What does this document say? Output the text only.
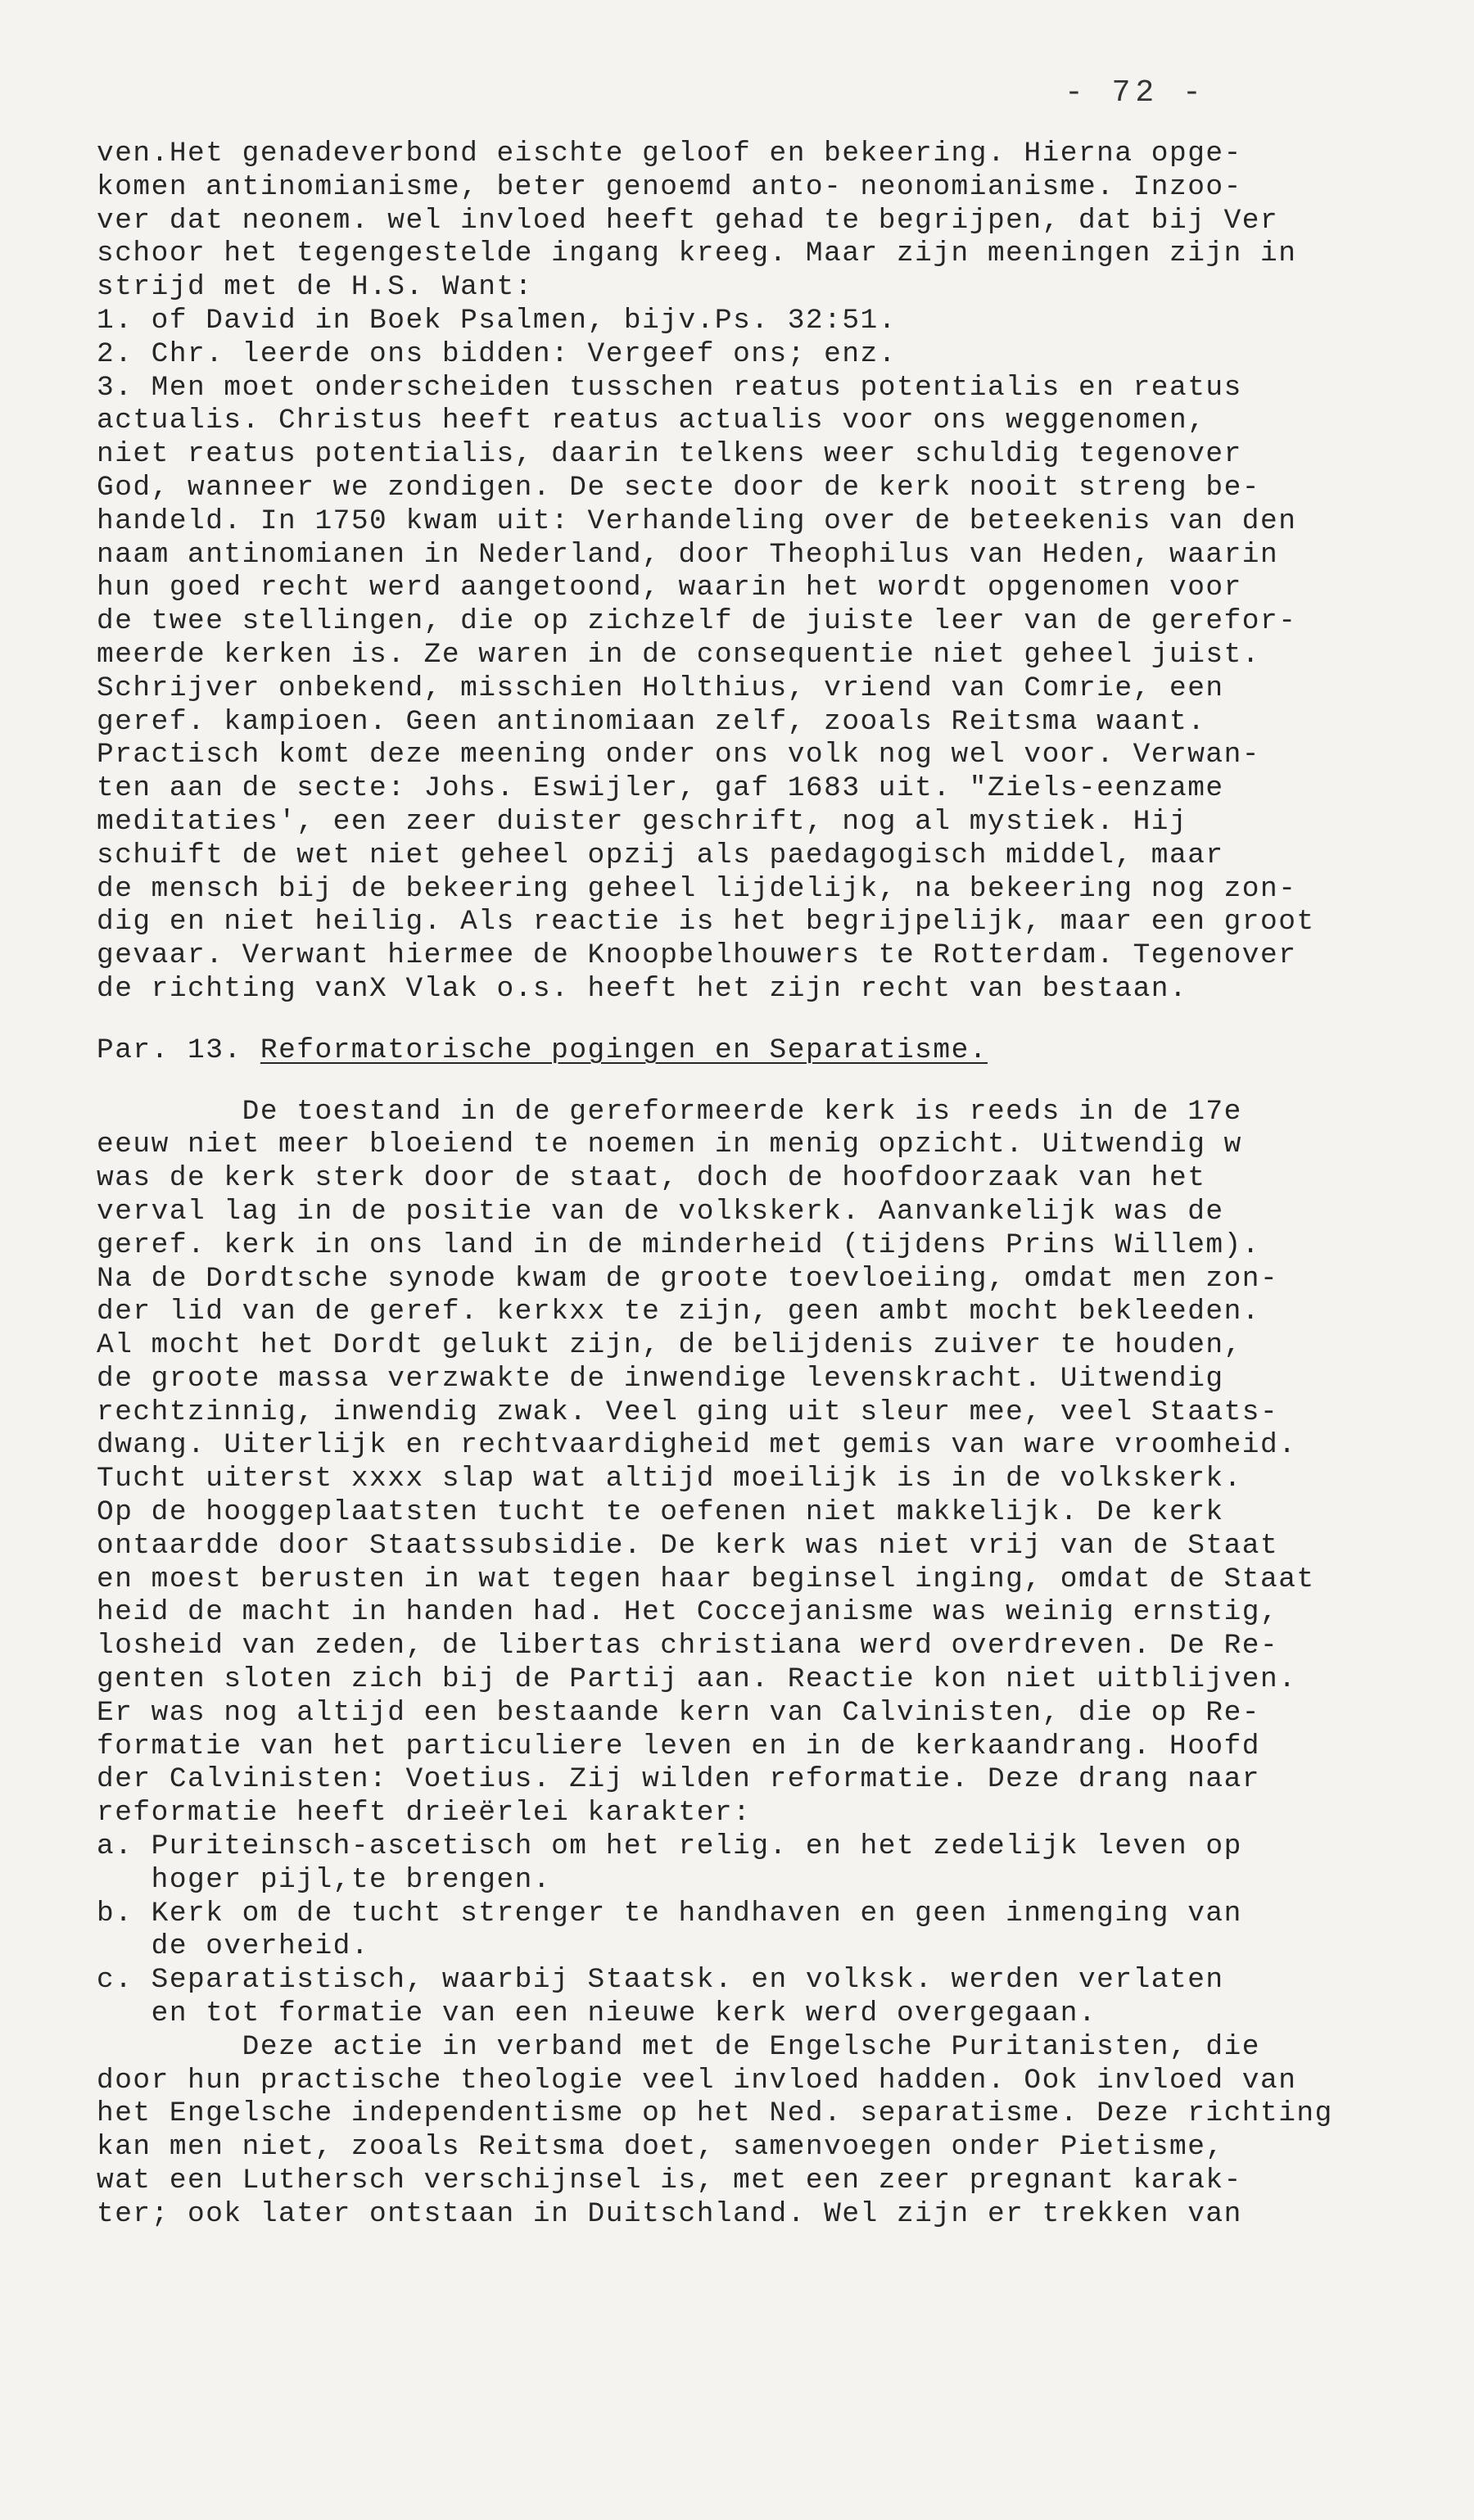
- 72 -
ven.Het genadeverbond eischte geloof en bekeering. Hierna opge-
komen antinomianisme, beter genoemd anto- neonomianisme. Inzoo-
ver dat neonem. wel invloed heeft gehad te begrijpen, dat bij Ver
schoor het tegengestelde ingang kreeg. Maar zijn meeningen zijn in
strijd met de H.S. Want:
1. of David in Boek Psalmen, bijv.Ps. 32:51.
2. Chr. leerde ons bidden: Vergeef ons; enz.
3. Men moet onderscheiden tusschen reatus potentialis en reatus
actualis. Christus heeft reatus actualis voor ons weggenomen,
niet reatus potentialis, daarin telkens weer schuldig tegenover
God, wanneer we zondigen. De secte door de kerk nooit streng be-
handeld. In 1750 kwam uit: Verhandeling over de beteekenis van den
naam antinomianen in Nederland, door Theophilus van Heden, waarin
hun goed recht werd aangetoond, waarin het wordt opgenomen voor
de twee stellingen, die op zichzelf de juiste leer van de gerefor-
meerde kerken is. Ze waren in de consequentie niet geheel juist.
Schrijver onbekend, misschien Holthius, vriend van Comrie, een
geref. kampioen. Geen antinomiaan zelf, zooals Reitsma waant.
Practisch komt deze meening onder ons volk nog wel voor. Verwan-
ten aan de secte: Johs. Eswijler, gaf 1683 uit. "Ziels-eenzame
meditaties', een zeer duister geschrift, nog al mystiek. Hij
schuift de wet niet geheel opzij als paedagogisch middel, maar
de mensch bij de bekeering geheel lijdelijk, na bekeering nog zon-
dig en niet heilig. Als reactie is het begrijpelijk, maar een groot
gevaar. Verwant hiermee de Knoopbelhouwers te Rotterdam. Tegenover
de richting vanX Vlak o.s. heeft het zijn recht van bestaan.
Par. 13. Reformatorische pogingen en Separatisme.
De toestand in de gereformeerde kerk is reeds in de 17e
eeuw niet meer bloeiend te noemen in menig opzicht. Uitwendig w
was de kerk sterk door de staat, doch de hoofdoorzaak van het
verval lag in de positie van de volkskerk. Aanvankelijk was de
geref. kerk in ons land in de minderheid (tijdens Prins Willem).
Na de Dordtsche synode kwam de groote toevloeiing, omdat men zon-
der lid van de geref. kerkxx te zijn, geen ambt mocht bekleeden.
Al mocht het Dordt gelukt zijn, de belijdenis zuiver te houden,
de groote massa verzwakte de inwendige levenskracht. Uitwendig
rechtzinnig, inwendig zwak. Veel ging uit sleur mee, veel Staats-
dwang. Uiterlijk en rechtvaardigheid met gemis van ware vroomheid.
Tucht uiterst xxxx slap wat altijd moeilijk is in de volkskerk.
Op de hooggeplaatsten tucht te oefenen niet makkelijk. De kerk
ontaardde door Staatssubsidie. De kerk was niet vrij van de Staat
en moest berusten in wat tegen haar beginsel inging, omdat de Staat
heid de macht in handen had. Het Coccejanisme was weinig ernstig,
losheid van zeden, de libertas christiana werd overdreven. De Re-
genten sloten zich bij de Partij aan. Reactie kon niet uitblijven.
Er was nog altijd een bestaande kern van Calvinisten, die op Re-
formatie van het particuliere leven en in de kerkaandrang. Hoofd
der Calvinisten: Voetius. Zij wilden reformatie. Deze drang naar
reformatie heeft drieërlei karakter:
a. Puriteinsch-ascetisch om het relig. en het zedelijk leven op
hoger pijl,te brengen.
b. Kerk om de tucht strenger te handhaven en geen inmenging van
de overheid.
c. Separatistisch, waarbij Staatsk. en volksk. werden verlaten
en tot formatie van een nieuwe kerk werd overgegaan.
Deze actie in verband met de Engelsche Puritanisten, die
door hun practische theologie veel invloed hadden. Ook invloed van
het Engelsche independentisme op het Ned. separatisme. Deze richting
kan men niet, zooals Reitsma doet, samenvoegen onder Pietisme,
wat een Luthersch verschijnsel is, met een zeer pregnant karak-
ter; ook later ontstaan in Duitschland. Wel zijn er trekken van
